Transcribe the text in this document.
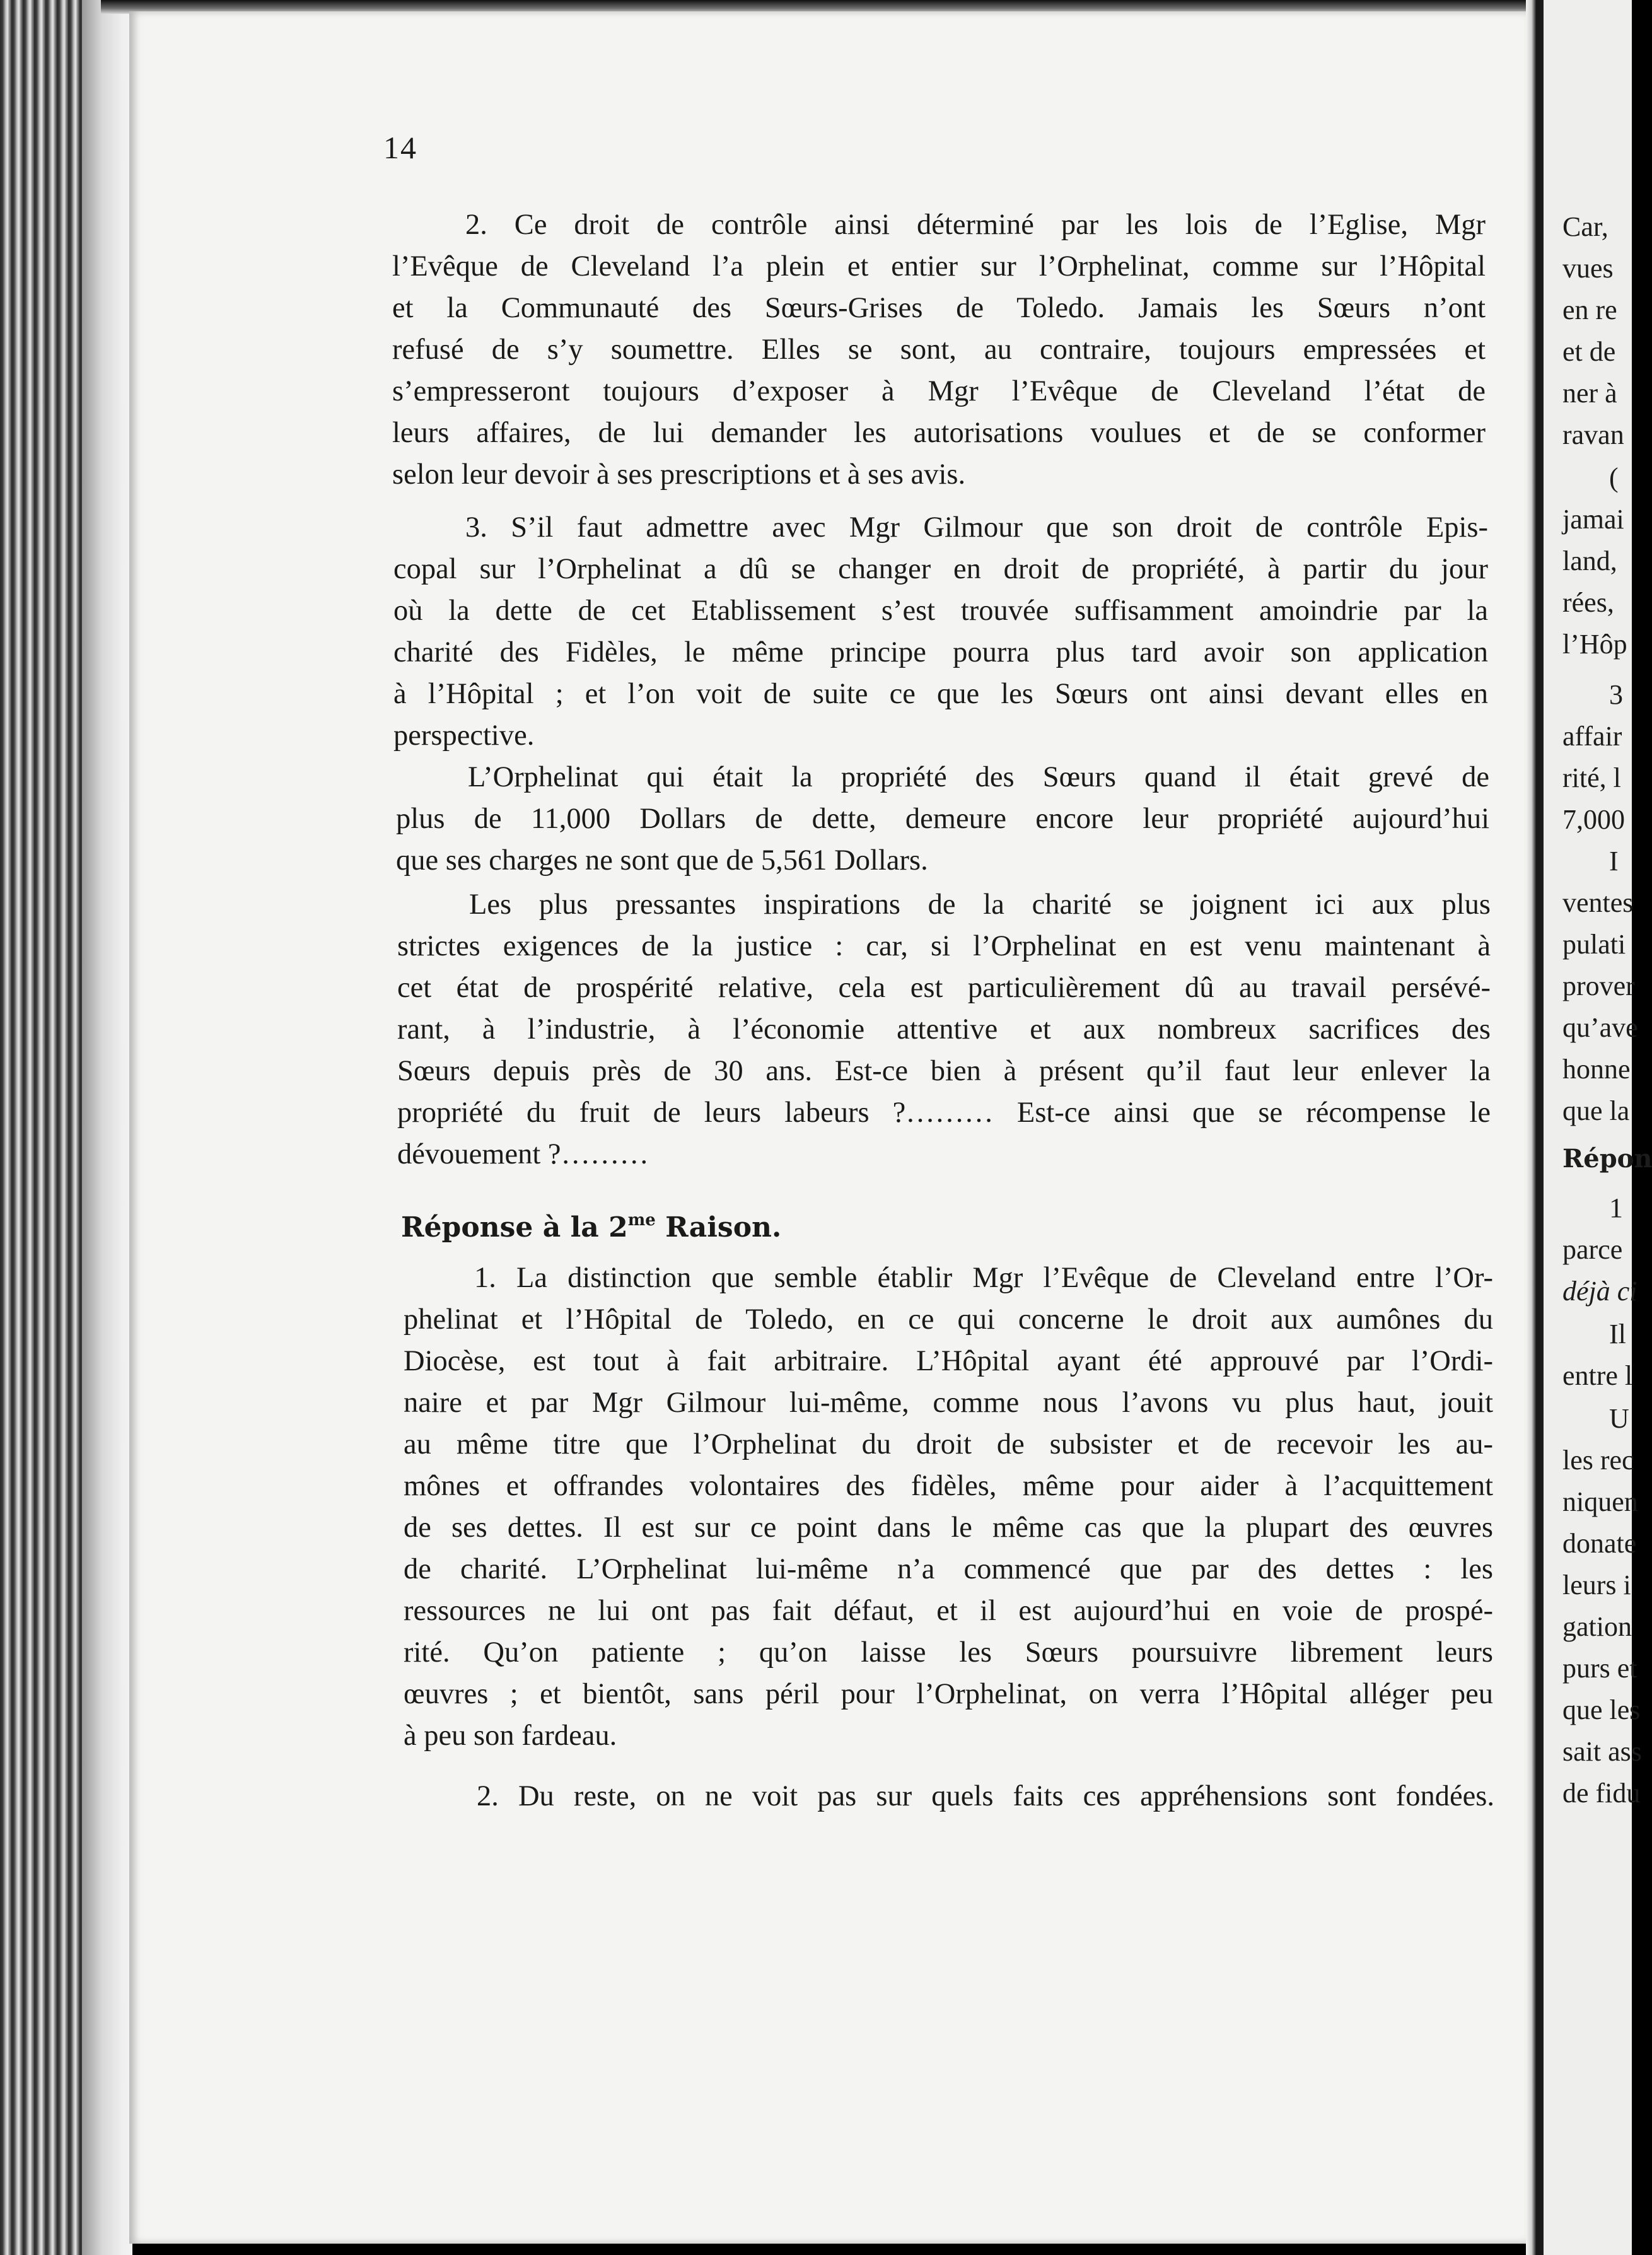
Car,
vues
en re
et de
ner à
ravan
(
jamai
land,
rées,
l’Hôp
3
affair
rité, l
7,000
I
ventes
pulati
prover
qu’ave
honne
que la
Répon
1
parce
déjà ci
Il
entre l
U
les rec
niquen
donate
leurs i
gation
purs et
que les
sait ass
de fidu
14
2. Ce droit de contrôle ainsi déterminé par les lois de l’Eglise, Mgr
l’Evêque de Cleveland l’a plein et entier sur l’Orphelinat, comme sur l’Hôpital
et la Communauté des Sœurs-Grises de Toledo. Jamais les Sœurs n’ont
refusé de s’y soumettre. Elles se sont, au contraire, toujours empressées et
s’empresseront toujours d’exposer à Mgr l’Evêque de Cleveland l’état de
leurs affaires, de lui demander les autorisations voulues et de se conformer
selon leur devoir à ses prescriptions et à ses avis.
3. S’il faut admettre avec Mgr Gilmour que son droit de contrôle Epis-
copal sur l’Orphelinat a dû se changer en droit de propriété, à partir du jour
où la dette de cet Etablissement s’est trouvée suffisamment amoindrie par la
charité des Fidèles, le même principe pourra plus tard avoir son application
à l’Hôpital ; et l’on voit de suite ce que les Sœurs ont ainsi devant elles en
perspective.
L’Orphelinat qui était la propriété des Sœurs quand il était grevé de
plus de 11,000 Dollars de dette, demeure encore leur propriété aujourd’hui
que ses charges ne sont que de 5,561 Dollars.
Les plus pressantes inspirations de la charité se joignent ici aux plus
strictes exigences de la justice : car, si l’Orphelinat en est venu maintenant à
cet état de prospérité relative, cela est particulièrement dû au travail persévé-
rant, à l’industrie, à l’économie attentive et aux nombreux sacrifices des
Sœurs depuis près de 30 ans. Est-ce bien à présent qu’il faut leur enlever la
propriété du fruit de leurs labeurs ?……… Est-ce ainsi que se récompense le
dévouement ?………
Réponse à la $2^{me}$ Raison.
1. La distinction que semble établir Mgr l’Evêque de Cleveland entre l’Or-
phelinat et l’Hôpital de Toledo, en ce qui concerne le droit aux aumônes du
Diocèse, est tout à fait arbitraire. L’Hôpital ayant été approuvé par l’Ordi-
naire et par Mgr Gilmour lui-même, comme nous l’avons vu plus haut, jouit
au même titre que l’Orphelinat du droit de subsister et de recevoir les au-
mônes et offrandes volontaires des fidèles, même pour aider à l’acquittement
de ses dettes. Il est sur ce point dans le même cas que la plupart des œuvres
de charité. L’Orphelinat lui-même n’a commencé que par des dettes : les
ressources ne lui ont pas fait défaut, et il est aujourd’hui en voie de prospé-
rité. Qu’on patiente ; qu’on laisse les Sœurs poursuivre librement leurs
œuvres ; et bientôt, sans péril pour l’Orphelinat, on verra l’Hôpital alléger peu
à peu son fardeau.
2. Du reste, on ne voit pas sur quels faits ces appréhensions sont fondées.
